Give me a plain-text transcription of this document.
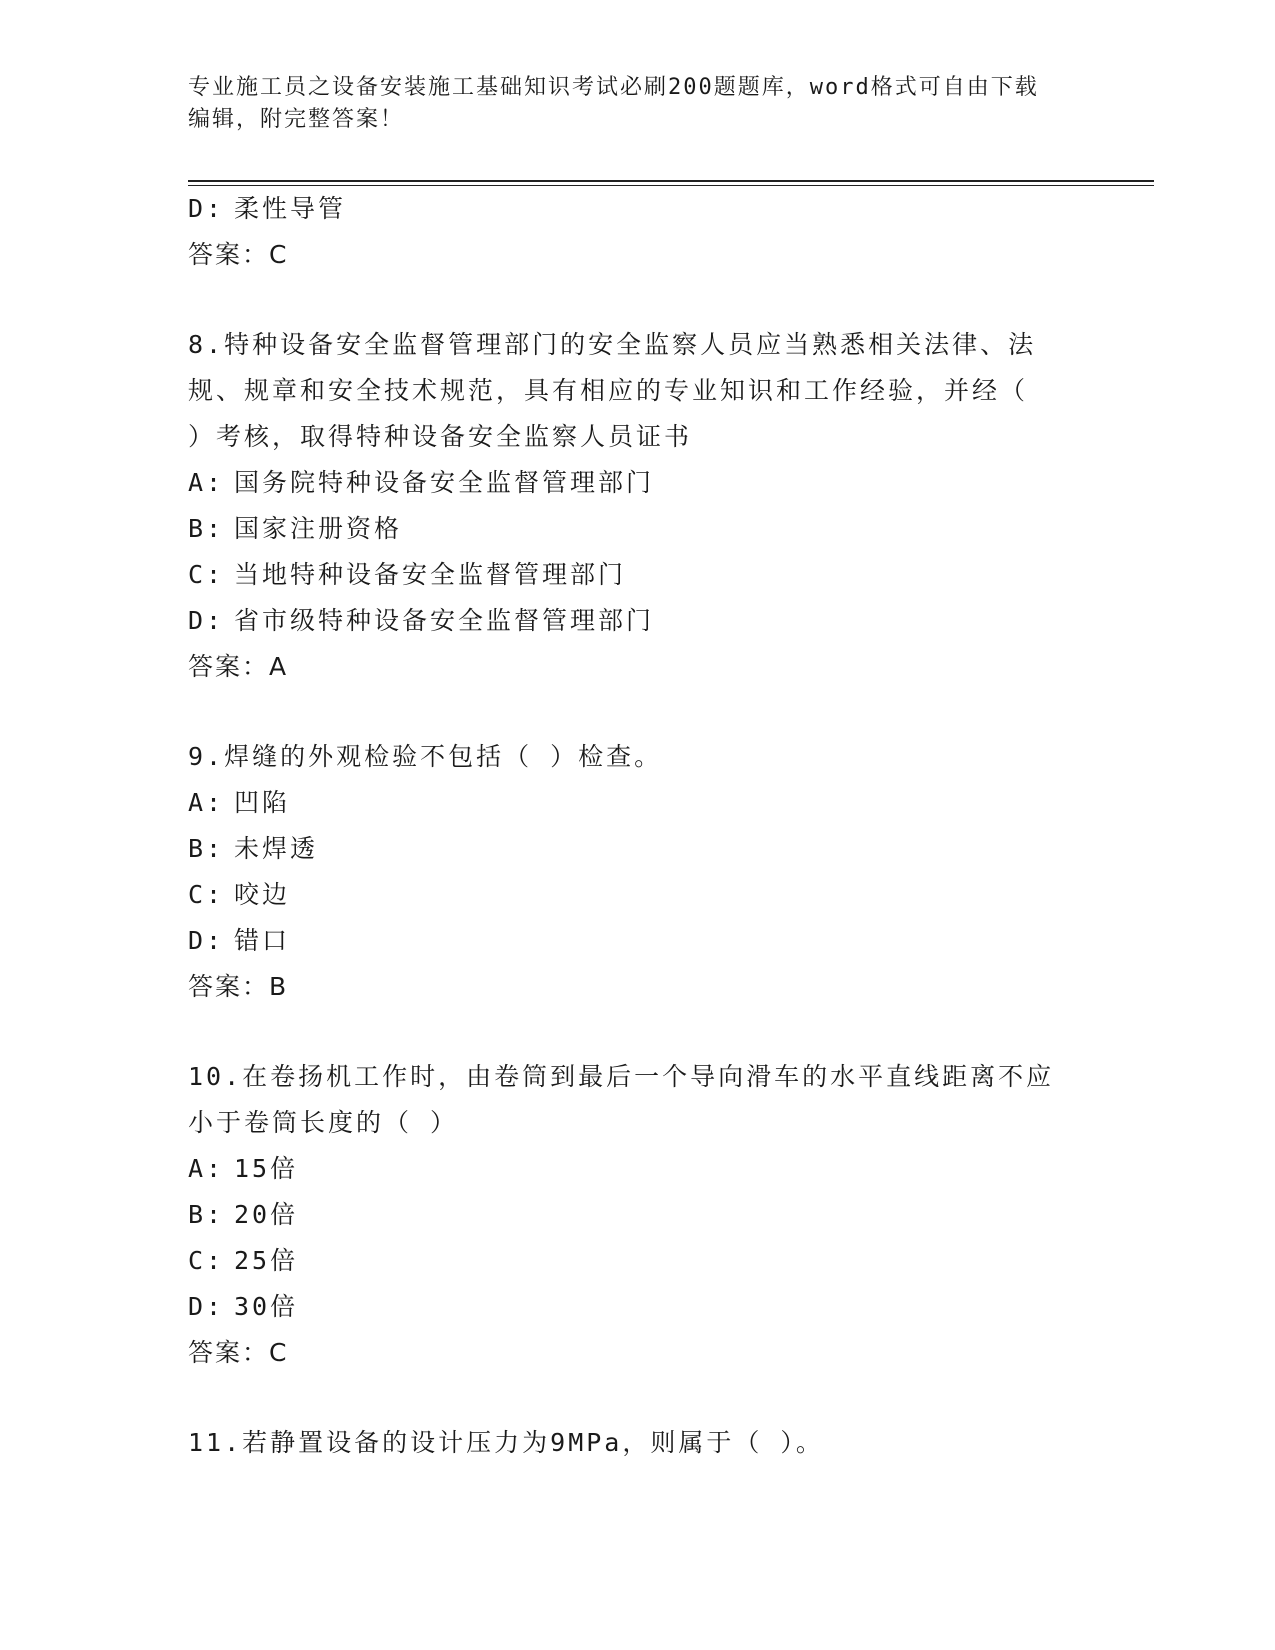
专业施工员之设备安装施工基础知识考试必刷200题题库，word格式可自由下载
编辑，附完整答案！
D: 柔性导管
答案：C
8.特种设备安全监督管理部门的安全监察人员应当熟悉相关法律、法
规、规章和安全技术规范，具有相应的专业知识和工作经验，并经（
）考核，取得特种设备安全监察人员证书
A: 国务院特种设备安全监督管理部门
B: 国家注册资格
C: 当地特种设备安全监督管理部门
D: 省市级特种设备安全监督管理部门
答案：A
9.焊缝的外观检验不包括（ ）检查。
A: 凹陷
B: 未焊透
C: 咬边
D: 错口
答案：B
10.在卷扬机工作时，由卷筒到最后一个导向滑车的水平直线距离不应
小于卷筒长度的（ ）
A: 15倍
B: 20倍
C: 25倍
D: 30倍
答案：C
11.若静置设备的设计压力为9MPa，则属于（ ）。
